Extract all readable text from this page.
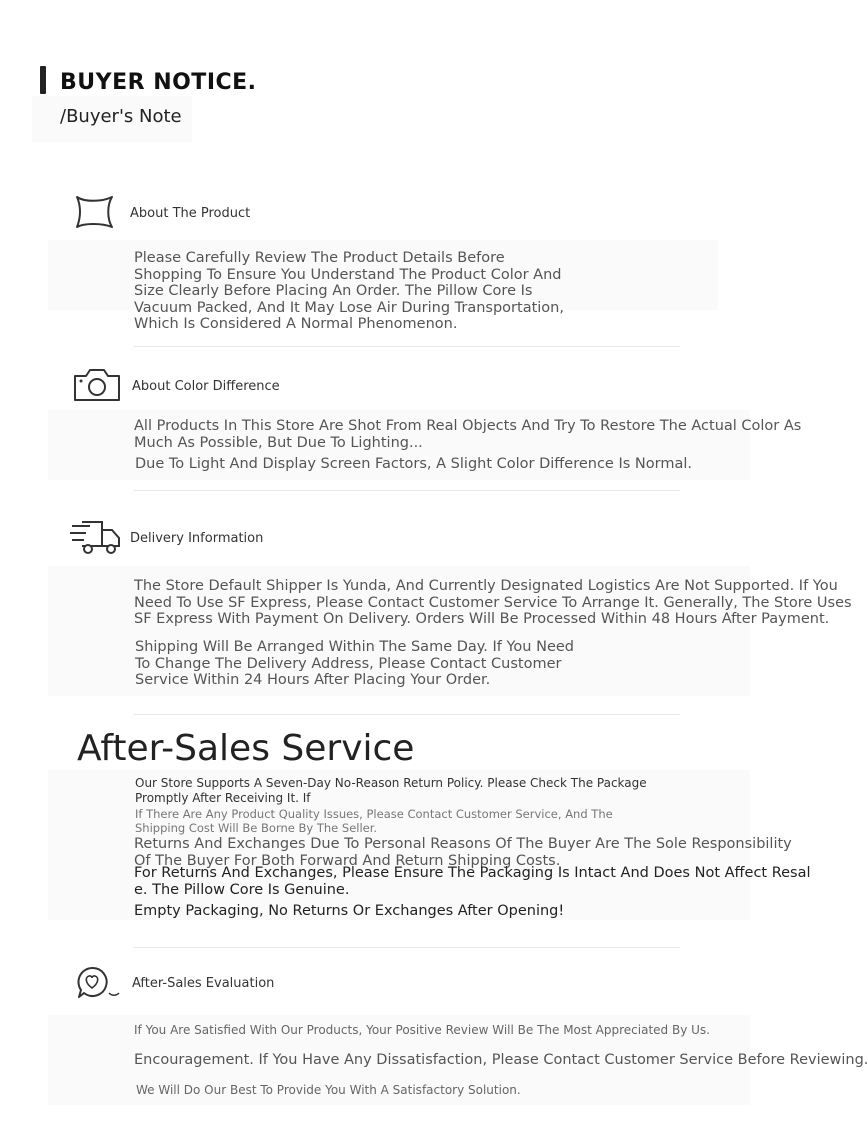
BUYER NOTICE.
/Buyer's Note
About The Product
Please Carefully Review The Product Details Before Shopping To Ensure You Understand The Product Color And Size Clearly Before Placing An Order. The Pillow Core Is Vacuum Packed, And It May Lose Air During Transportation, Which Is Considered A Normal Phenomenon.
About Color Difference
All Products In This Store Are Shot From Real Objects And Try To Restore The Actual Color As
Much As Possible, But Due To Lighting...
Due To Light And Display Screen Factors, A Slight Color Difference Is Normal.
Delivery Information
The Store Default Shipper Is Yunda, And Currently Designated Logistics Are Not Supported. If You
Need To Use SF Express, Please Contact Customer Service To Arrange It. Generally, The Store Uses
SF Express With Payment On Delivery. Orders Will Be Processed Within 48 Hours After Payment.
Shipping Will Be Arranged Within The Same Day. If You Need To Change The Delivery Address, Please Contact Customer Service Within 24 Hours After Placing Your Order.
After-Sales Service
Our Store Supports A Seven-Day No-Reason Return Policy. Please Check The Package Promptly After Receiving It. If
If There Are Any Product Quality Issues, Please Contact Customer Service, And The Shipping Cost Will Be Borne By The Seller.
Returns And Exchanges Due To Personal Reasons Of The Buyer Are The Sole Responsibility
Of The Buyer For Both Forward And Return Shipping Costs.
For Returns And Exchanges, Please Ensure The Packaging Is Intact And Does Not Affect Resal
e. The Pillow Core Is Genuine.
Empty Packaging, No Returns Or Exchanges After Opening!
After-Sales Evaluation
If You Are Satisfied With Our Products, Your Positive Review Will Be The Most Appreciated By Us.
Encouragement. If You Have Any Dissatisfaction, Please Contact Customer Service Before Reviewing.
We Will Do Our Best To Provide You With A Satisfactory Solution.
